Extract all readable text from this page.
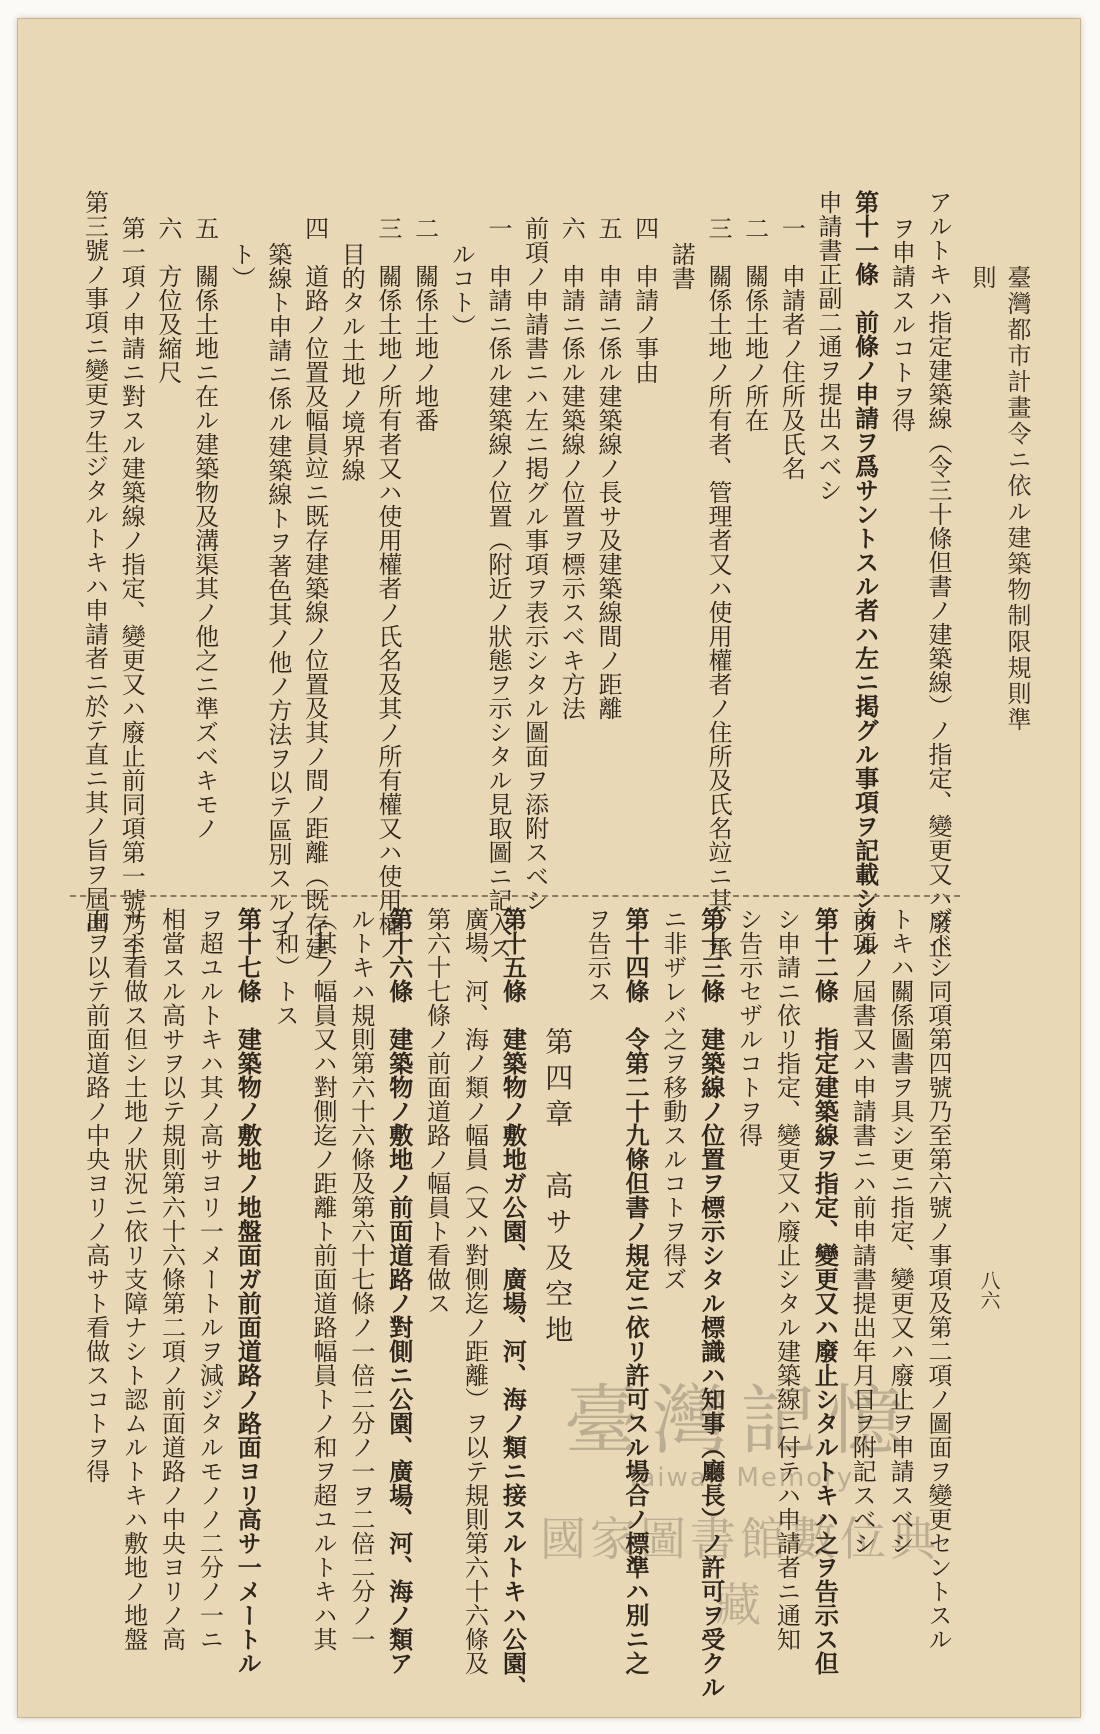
臺灣都市計畫令ニ依ル建築物制限規則準則
八六
アルトキハ指定建築線（令三十條但書ノ建築線）ノ指定、變更又ハ廢止
ヲ申請スルコトヲ得
第十一條　前條ノ申請ヲ爲サントスル者ハ左ニ掲グル事項ヲ記載シタル
申請書正副二通ヲ提出スベシ
一　申請者ノ住所及氏名
二　關係土地ノ所在
三　關係土地ノ所有者、管理者又ハ使用權者ノ住所及氏名竝ニ其ノ承
諾書
四　申請ノ事由
五　申請ニ係ル建築線ノ長サ及建築線間ノ距離
六　申請ニ係ル建築線ノ位置ヲ標示スベキ方法
前項ノ申請書ニハ左ニ掲グル事項ヲ表示シタル圖面ヲ添附スベシ
一　申請ニ係ル建築線ノ位置（附近ノ狀態ヲ示シタル見取圖ニ記入ス
ルコト）
二　關係土地ノ地番
三　關係土地ノ所有者又ハ使用權者ノ氏名及其ノ所有權又ハ使用權ノ
目的タル土地ノ境界線
四　道路ノ位置及幅員竝ニ既存建築線ノ位置及其ノ間ノ距離（既存建
築線ト申請ニ係ル建築線トヲ著色其ノ他ノ方法ヲ以テ區別スルコ
ト）
五　關係土地ニ在ル建築物及溝渠其ノ他之ニ準ズベキモノ
六　方位及縮尺
第一項ノ申請ニ對スル建築線ノ指定、變更又ハ廢止前同項第一號乃至
第三號ノ事項ニ變更ヲ生ジタルトキハ申請者ニ於テ直ニ其ノ旨ヲ屆出
ヅベシ同項第四號乃至第六號ノ事項及第二項ノ圖面ヲ變更セントスル
トキハ關係圖書ヲ具シ更ニ指定、變更又ハ廢止ヲ申請スベシ
前項ノ屆書又ハ申請書ニハ前申請書提出年月日ヲ附記スベシ
第十二條　指定建築線ヲ指定、變更又ハ廢止シタルトキハ之ヲ告示ス但
シ申請ニ依リ指定、變更又ハ廢止シタル建築線ニ付テハ申請者ニ通知
シ告示セザルコトヲ得
第十三條　建築線ノ位置ヲ標示シタル標識ハ知事（廳長）ノ許可ヲ受クル
ニ非ザレバ之ヲ移動スルコトヲ得ズ
第十四條　令第二十九條但書ノ規定ニ依リ許可スル場合ノ標準ハ別ニ之
ヲ告示ス
第四章　高サ及空地
第十五條　建築物ノ敷地ガ公園、廣場、河、海ノ類ニ接スルトキハ公園、
廣場、河、海ノ類ノ幅員（又ハ對側迄ノ距離）ヲ以テ規則第六十六條及
第六十七條ノ前面道路ノ幅員ト看做ス
第十六條　建築物ノ敷地ノ前面道路ノ對側ニ公園、廣場、河、海ノ類ア
ルトキハ規則第六十六條及第六十七條ノ一倍二分ノ一ヲ二倍二分ノ一
（其ノ幅員又ハ對側迄ノ距離ト前面道路幅員トノ和ヲ超ユルトキハ其
ノ和）トス
第十七條　建築物ノ敷地ノ地盤面ガ前面道路ノ路面ヨリ高サ一メートル
ヲ超ユルトキハ其ノ高サヨリ一メートルヲ減ジタルモノノ二分ノ一ニ
相當スル高サヲ以テ規則第六十六條第二項ノ前面道路ノ中央ヨリノ高
サト看做ス但シ土地ノ狀況ニ依リ支障ナシト認ムルトキハ敷地ノ地盤
面ヲ以テ前面道路ノ中央ヨリノ高サト看做スコトヲ得	臺灣記憶
Taiwan Memory
國家圖書館數位典藏
